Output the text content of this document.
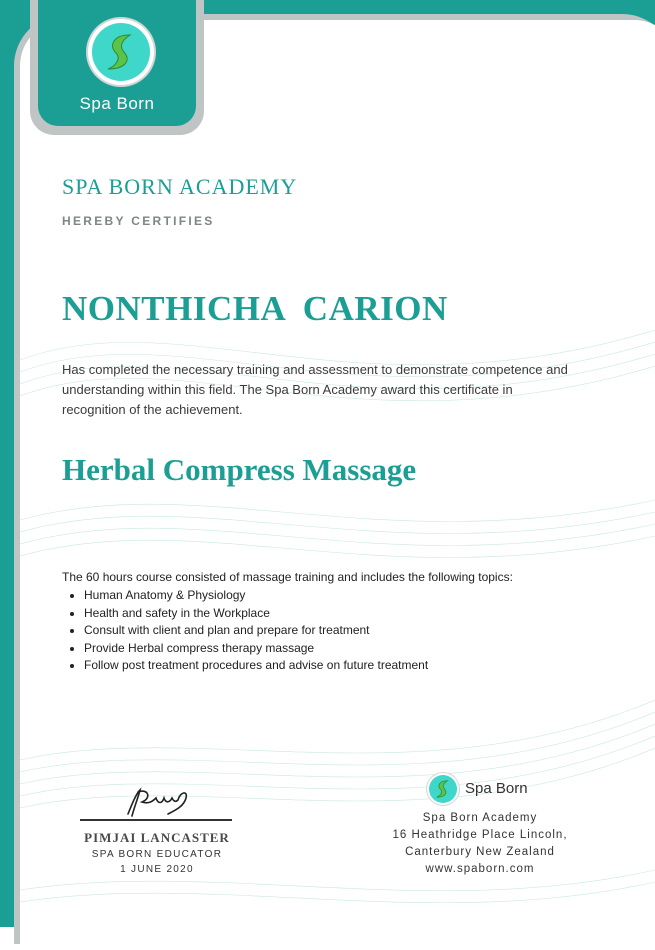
Spa Born
SPA BORN ACADEMY
HEREBY CERTIFIES
NONTHICHA  CARION
Has completed the necessary training and assessment to demonstrate competence and understanding within this field. The Spa Born Academy award this certificate in recognition of the achievement.
Herbal Compress Massage
The 60 hours course consisted of massage training and includes the following topics:
• Human Anatomy & Physiology
• Health and safety in the Workplace
• Consult with client and plan and prepare for treatment
• Provide Herbal compress therapy massage
• Follow post treatment procedures and advise on future treatment
PIMJAI LANCASTER
SPA BORN EDUCATOR
1 JUNE 2020
Spa Born
Spa Born Academy
16 Heathridge Place Lincoln,
Canterbury New Zealand
www.spaborn.com
